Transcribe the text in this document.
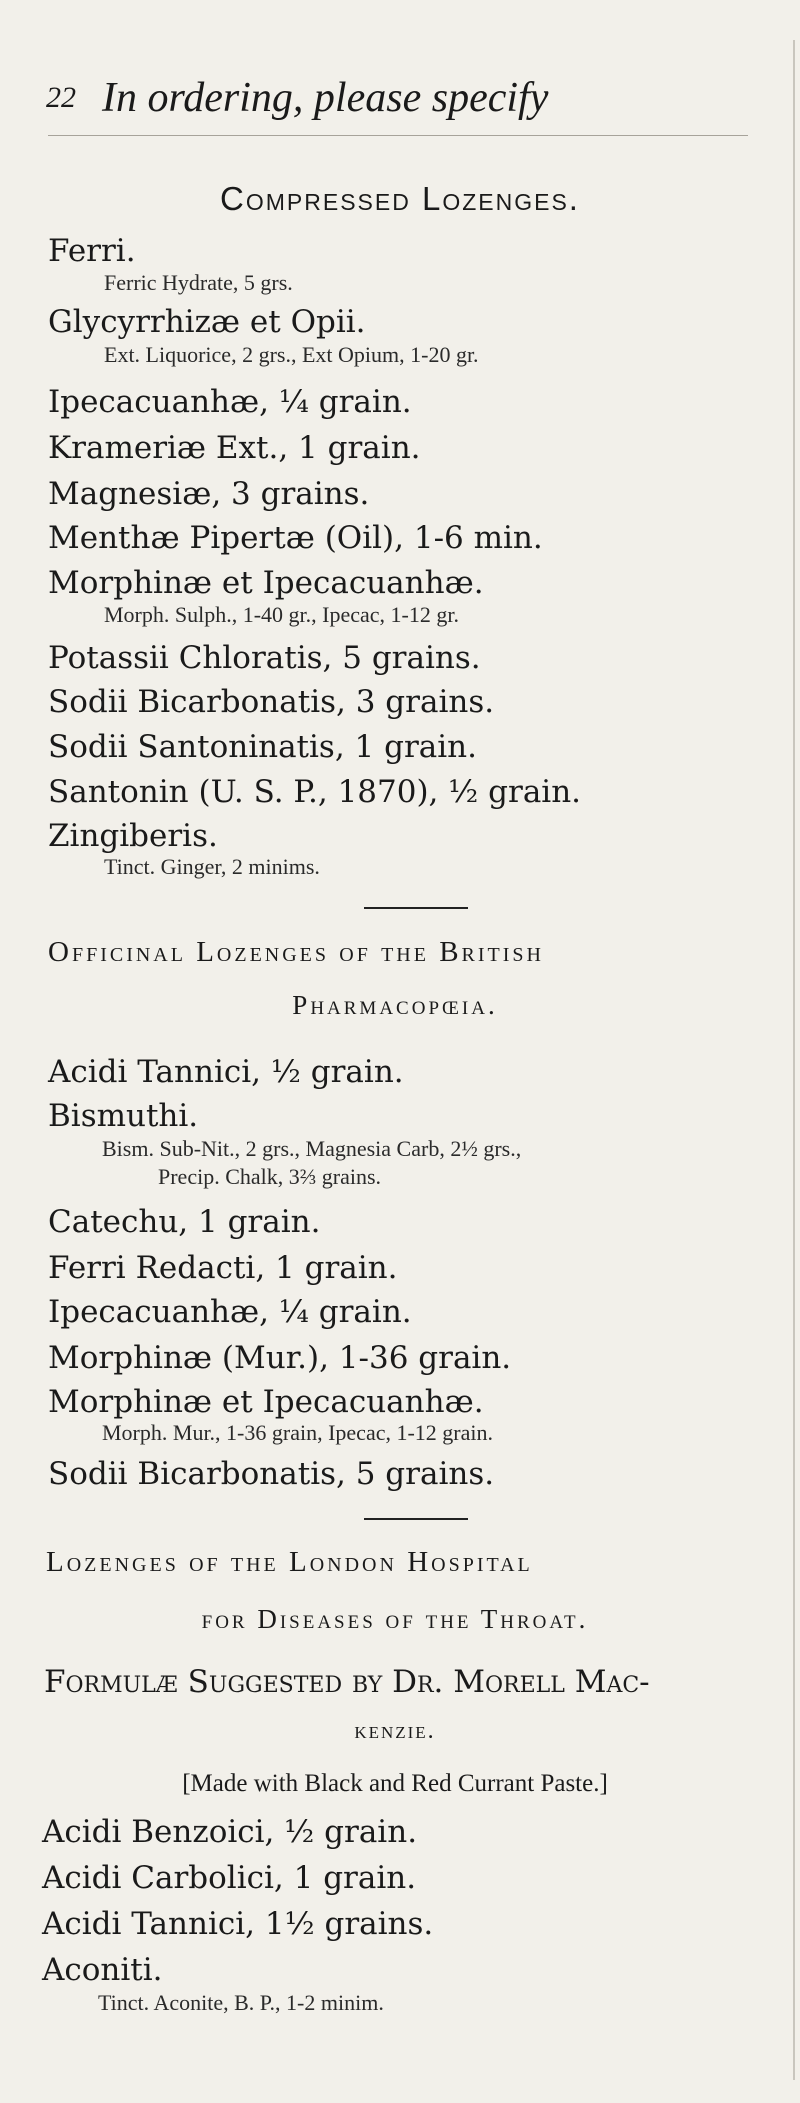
22 In ordering, please specify
Compressed Lozenges.
Ferri.
Ferric Hydrate, 5 grs.
Glycyrrhizæ et Opii.
Ext. Liquorice, 2 grs., Ext Opium, 1-20 gr.
Ipecacuanhæ, ¼ grain.
Krameriæ Ext., 1 grain.
Magnesiæ, 3 grains.
Menthæ Pipertæ (Oil), 1-6 min.
Morphinæ et Ipecacuanhæ.
Morph. Sulph., 1-40 gr., Ipecac, 1-12 gr.
Potassii Chloratis, 5 grains.
Sodii Bicarbonatis, 3 grains.
Sodii Santoninatis, 1 grain.
Santonin (U. S. P., 1870), ½ grain.
Zingiberis.
Tinct. Ginger, 2 minims.
Officinal Lozenges of the British
Pharmacopœia.
Acidi Tannici, ½ grain.
Bismuthi.
Bism. Sub-Nit., 2 grs., Magnesia Carb, 2½ grs.,
Precip. Chalk, 3⅔ grains.
Catechu, 1 grain.
Ferri Redacti, 1 grain.
Ipecacuanhæ, ¼ grain.
Morphinæ (Mur.), 1-36 grain.
Morphinæ et Ipecacuanhæ.
Morph. Mur., 1-36 grain, Ipecac, 1-12 grain.
Sodii Bicarbonatis, 5 grains.
Lozenges of the London Hospital
for Diseases of the Throat.
Formulæ Suggested by Dr. Morell Mac-
kenzie.
[Made with Black and Red Currant Paste.]
Acidi Benzoici, ½ grain.
Acidi Carbolici, 1 grain.
Acidi Tannici, 1½ grains.
Aconiti.
Tinct. Aconite, B. P., 1-2 minim.
